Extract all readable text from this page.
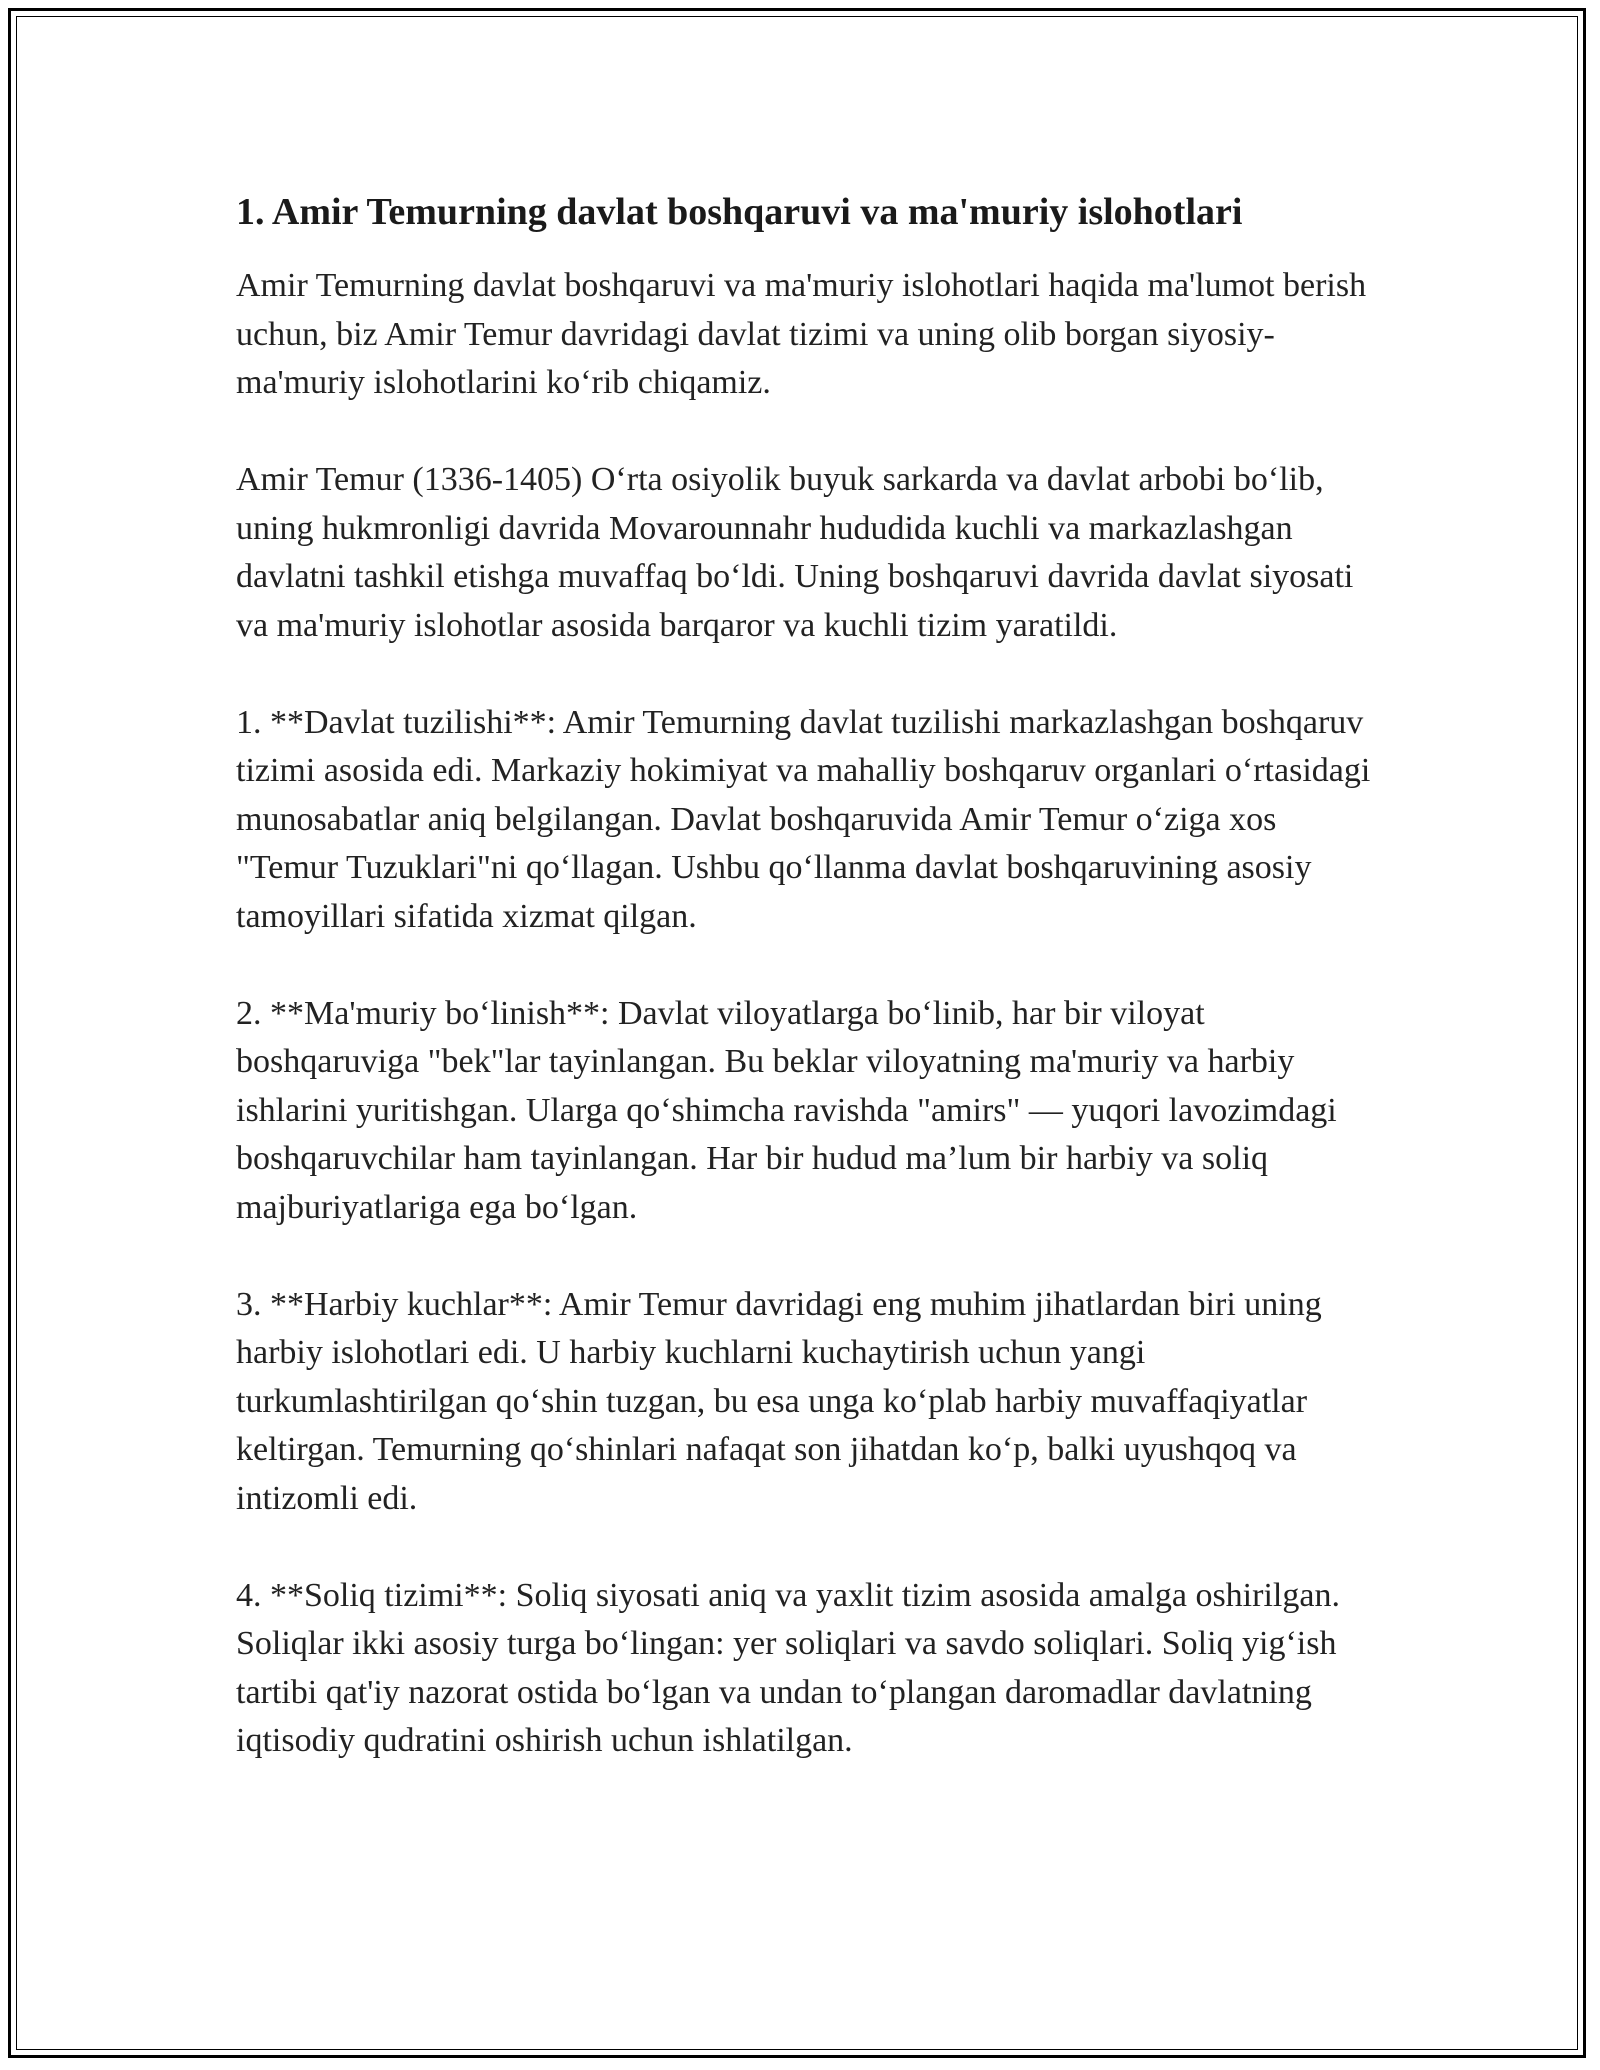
1. Amir Temurning davlat boshqaruvi va ma'muriy islohotlari

Amir Temurning davlat boshqaruvi va ma'muriy islohotlari haqida ma'lumot berish uchun, biz Amir Temur davridagi davlat tizimi va uning olib borgan siyosiy-ma'muriy islohotlarini ko‘rib chiqamiz.

Amir Temur (1336-1405) O‘rta osiyolik buyuk sarkarda va davlat arbobi bo‘lib, uning hukmronligi davrida Movarounnahr hududida kuchli va markazlashgan davlatni tashkil etishga muvaffaq bo‘ldi. Uning boshqaruvi davrida davlat siyosati va ma'muriy islohotlar asosida barqaror va kuchli tizim yaratildi.

1. **Davlat tuzilishi**: Amir Temurning davlat tuzilishi markazlashgan boshqaruv tizimi asosida edi. Markaziy hokimiyat va mahalliy boshqaruv organlari o‘rtasidagi munosabatlar aniq belgilangan. Davlat boshqaruvida Amir Temur o‘ziga xos "Temur Tuzuklari"ni qo‘llagan. Ushbu qo‘llanma davlat boshqaruvining asosiy tamoyillari sifatida xizmat qilgan.

2. **Ma'muriy bo‘linish**: Davlat viloyatlarga bo‘linib, har bir viloyat boshqaruviga "bek"lar tayinlangan. Bu beklar viloyatning ma'muriy va harbiy ishlarini yuritishgan. Ularga qo‘shimcha ravishda "amirs" — yuqori lavozimdagi boshqaruvchilar ham tayinlangan. Har bir hudud ma’lum bir harbiy va soliq majburiyatlariga ega bo‘lgan.

3. **Harbiy kuchlar**: Amir Temur davridagi eng muhim jihatlardan biri uning harbiy islohotlari edi. U harbiy kuchlarni kuchaytirish uchun yangi turkumlashtirilgan qo‘shin tuzgan, bu esa unga ko‘plab harbiy muvaffaqiyatlar keltirgan. Temurning qo‘shinlari nafaqat son jihatdan ko‘p, balki uyushqoq va intizomli edi.

4. **Soliq tizimi**: Soliq siyosati aniq va yaxlit tizim asosida amalga oshirilgan. Soliqlar ikki asosiy turga bo‘lingan: yer soliqlari va savdo soliqlari. Soliq yig‘ish tartibi qat'iy nazorat ostida bo‘lgan va undan to‘plangan daromadlar davlatning iqtisodiy qudratini oshirish uchun ishlatilgan.
